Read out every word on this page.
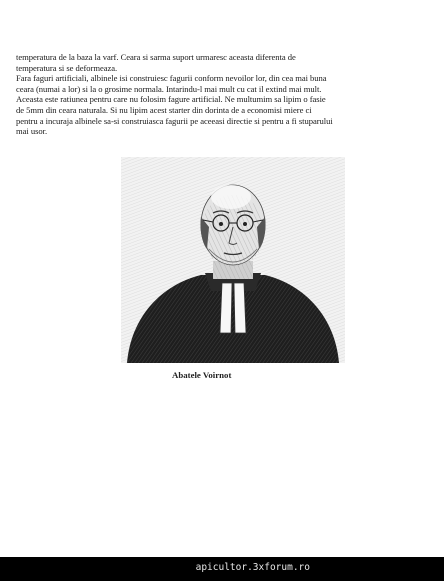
temperatura de la baza la varf. Ceara si sarma suport urmaresc aceasta diferenta de

temperatura si se deformeaza.

Fara faguri artificiali, albinele isi construiesc fagurii conform nevoilor lor, din cea mai buna

ceara (numai a lor) si la o grosime normala. Intarindu-l mai mult cu cat il extind mai mult.

Aceasta este ratiunea pentru care nu folosim fagure artificial. Ne multumim sa lipim o fasie

de 5mm din ceara naturala. Si nu lipim acest starter din dorinta de a economisi miere ci

pentru a incuraja albinele sa-si construiasca fagurii pe aceeasi directie si pentru a fi stuparului

mai usor.

Abatele Voirnot
apicultor.3xforum.ro
